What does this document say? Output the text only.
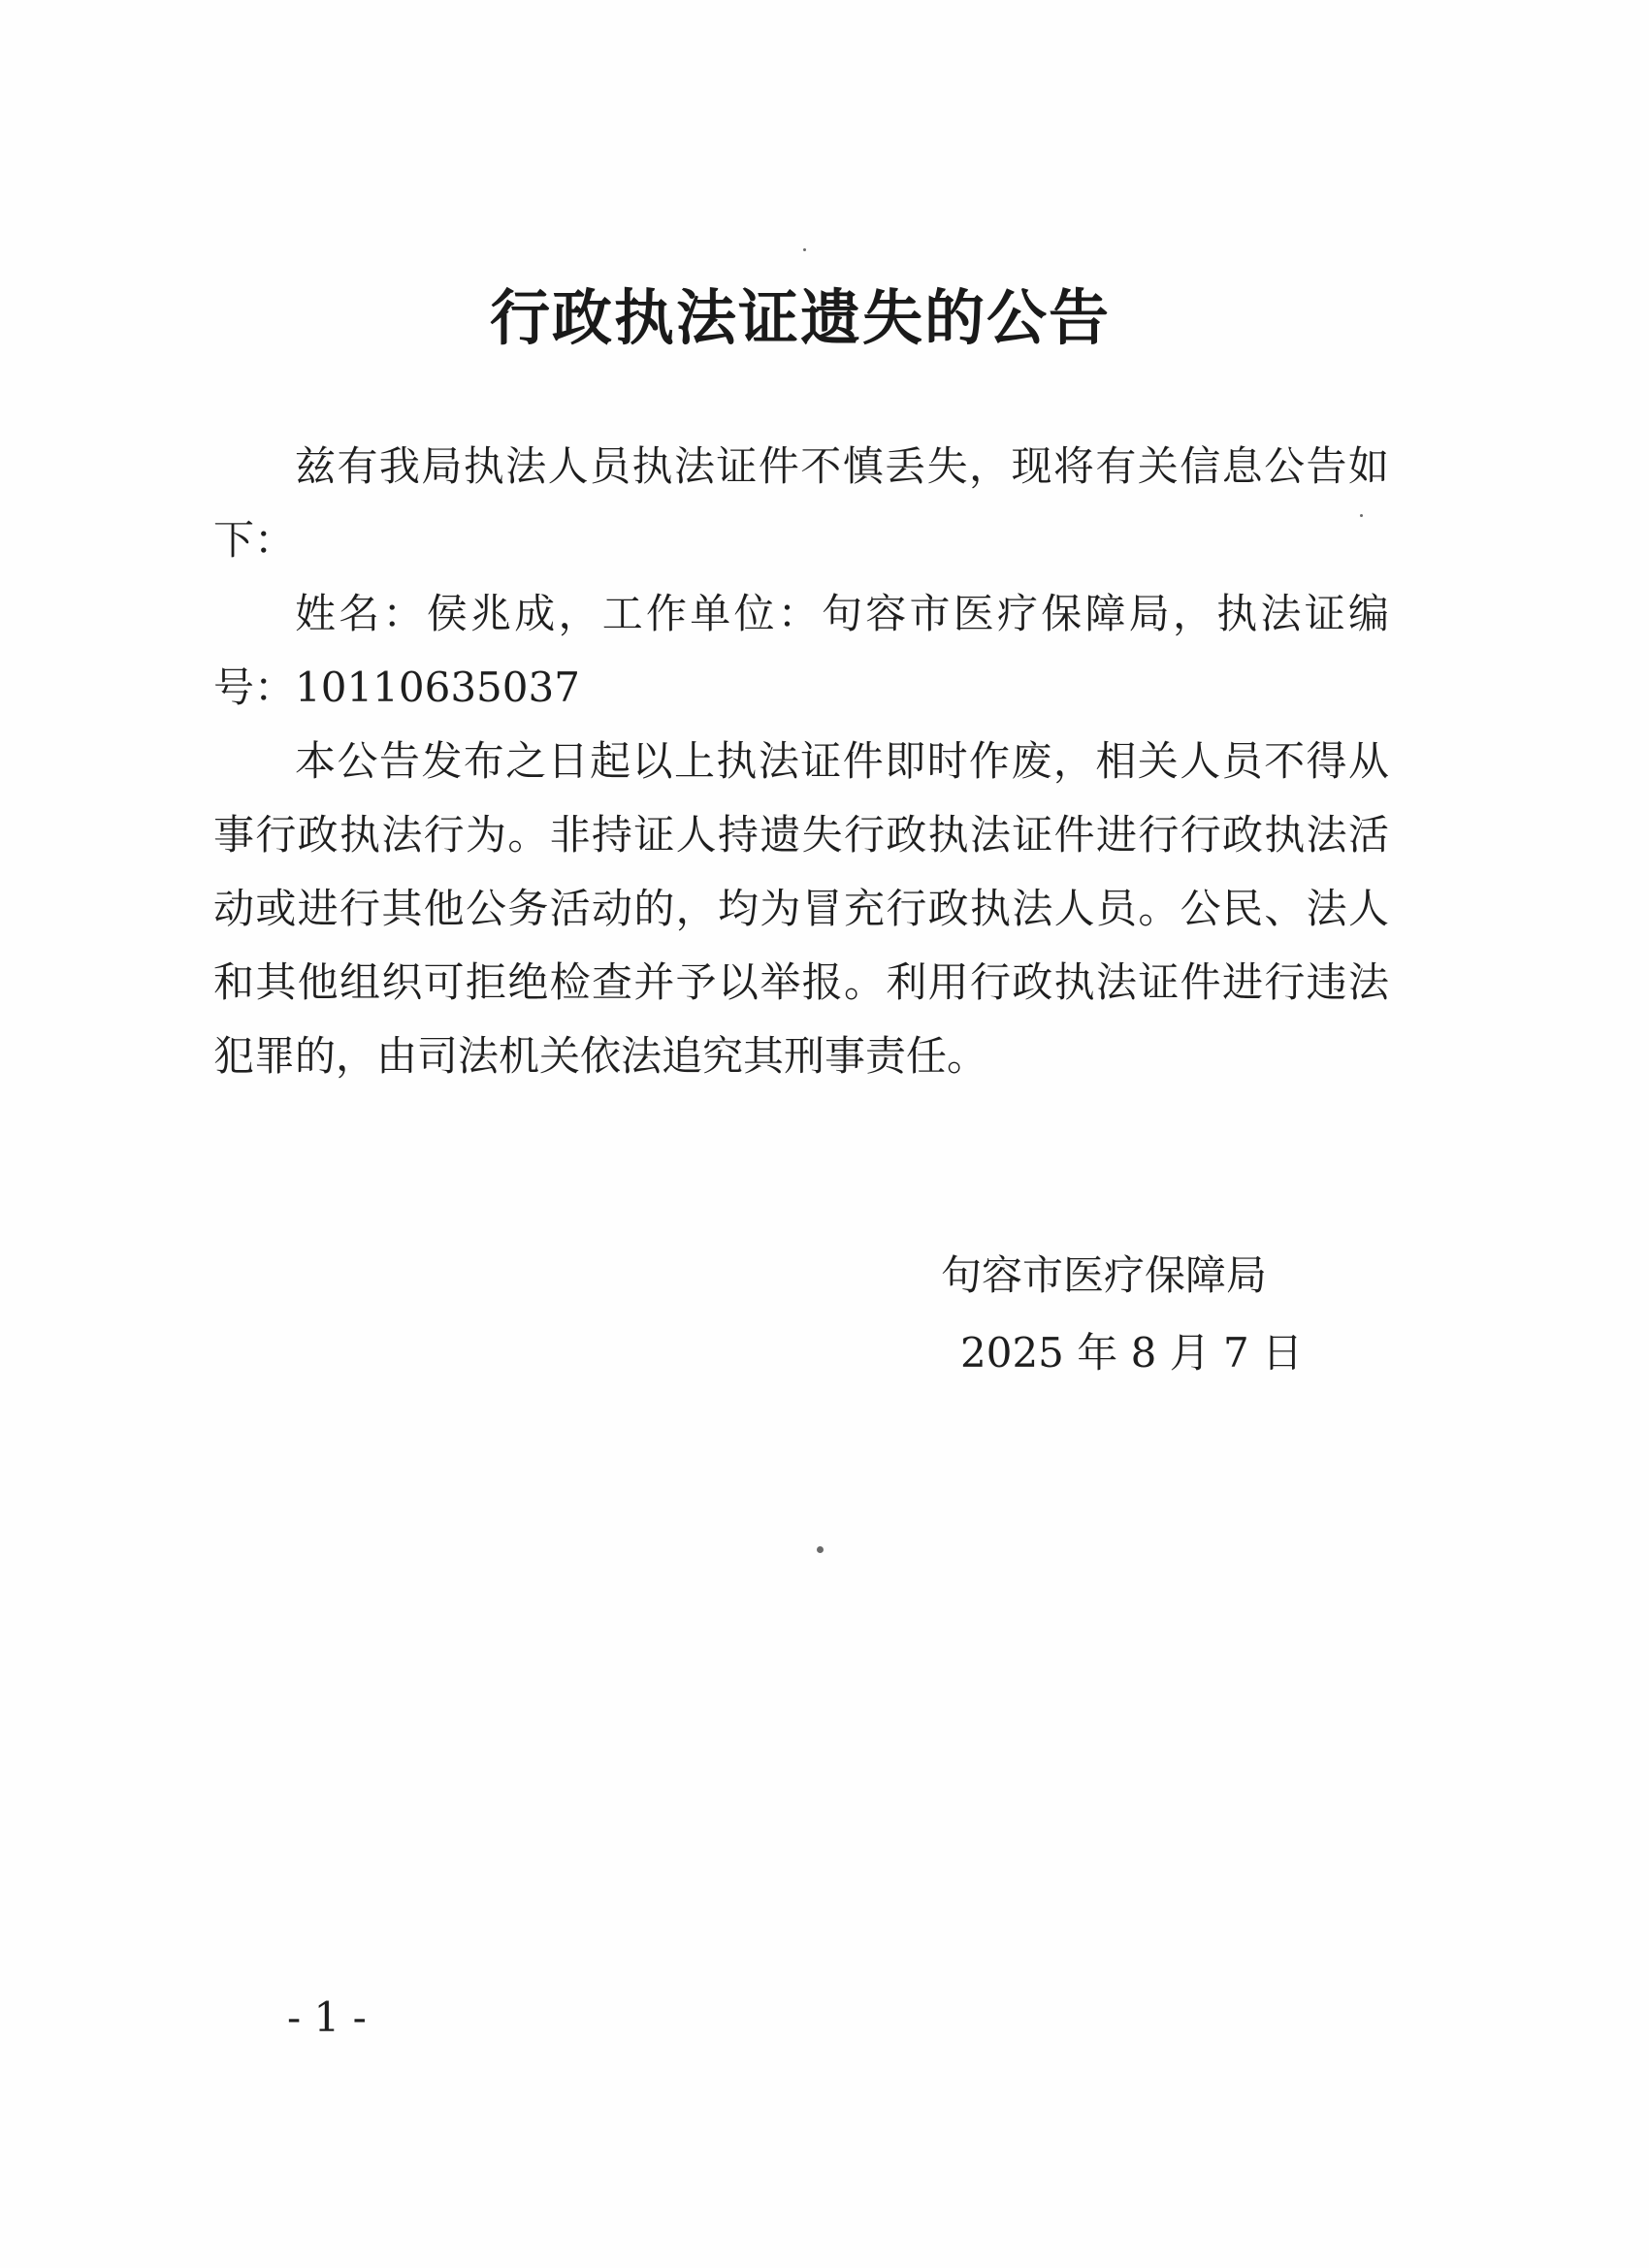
行政执法证遗失的公告

兹有我局执法人员执法证件不慎丢失，现将有关信息公告如下：

姓名：侯兆成，工作单位：句容市医疗保障局，执法证编号：10110635037

本公告发布之日起以上执法证件即时作废，相关人员不得从事行政执法行为。非持证人持遗失行政执法证件进行行政执法活动或进行其他公务活动的，均为冒充行政执法人员。公民、法人和其他组织可拒绝检查并予以举报。利用行政执法证件进行违法犯罪的，由司法机关依法追究其刑事责任。

句容市医疗保障局
2025 年 8 月 7 日
- 1 -
